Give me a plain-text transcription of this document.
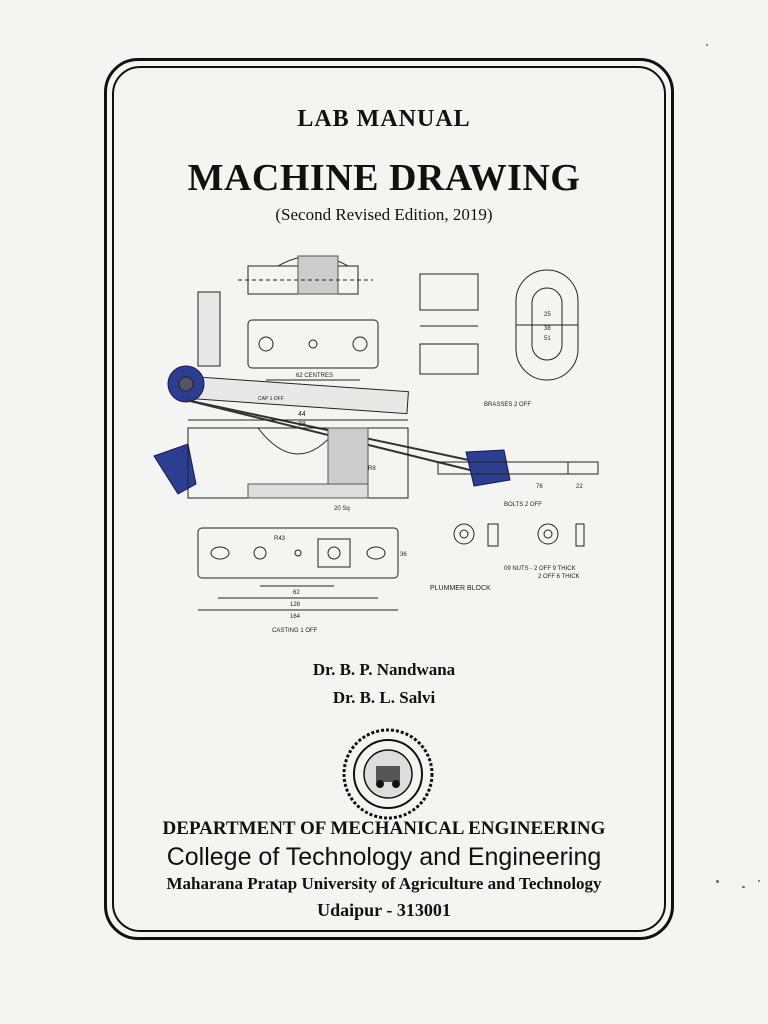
LAB MANUAL
MACHINE DRAWING
(Second Revised Edition, 2019)
62 CENTRES
CAP 1 OFF
44
38
R8
20 Sq
76	22
BOLTS 2 OFF
BRASSES 2 OFF
25
38
51
R43
36
62
128
164
CASTING 1 OFF
09 NUTS - 2 OFF 9 THICK
2 OFF 6 THICK
PLUMMER BLOCK
Dr. B. P. Nandwana
Dr. B. L. Salvi
DEPARTMENT OF MECHANICAL ENGINEERING
College of Technology and Engineering
Maharana Pratap University of Agriculture and Technology
Udaipur - 313001
